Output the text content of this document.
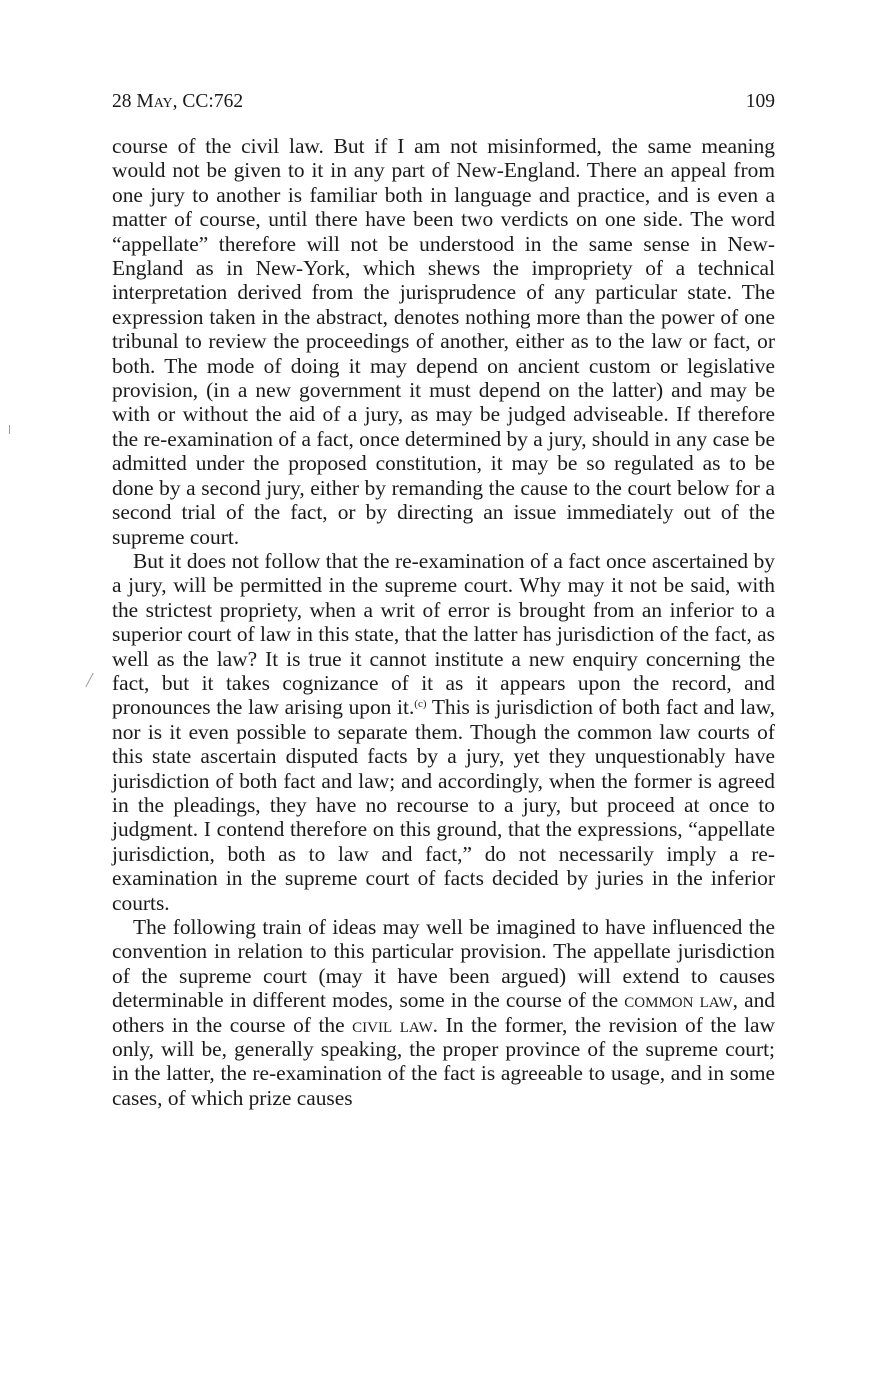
28 May, CC:762	109

course of the civil law. But if I am not misinformed, the same meaning would not be given to it in any part of New-England. There an appeal from one jury to another is familiar both in language and practice, and is even a matter of course, until there have been two verdicts on one side. The word “appellate” therefore will not be understood in the same sense in New-England as in New-York, which shews the impropriety of a technical interpretation derived from the jurisprudence of any particular state. The expression taken in the abstract, denotes nothing more than the power of one tribunal to review the proceedings of another, either as to the law or fact, or both. The mode of doing it may depend on ancient custom or legislative provision, (in a new government it must depend on the latter) and may be with or without the aid of a jury, as may be judged adviseable. If therefore the re-examination of a fact, once determined by a jury, should in any case be admitted under the proposed constitution, it may be so regulated as to be done by a second jury, either by remanding the cause to the court below for a second trial of the fact, or by directing an issue immediately out of the supreme court.

But it does not follow that the re-examination of a fact once ascertained by a jury, will be permitted in the supreme court. Why may it not be said, with the strictest propriety, when a writ of error is brought from an inferior to a superior court of law in this state, that the latter has jurisdiction of the fact, as well as the law? It is true it cannot institute a new enquiry concerning the fact, but it takes cognizance of it as it appears upon the record, and pronounces the law arising upon it.$^{(c)}$ This is jurisdiction of both fact and law, nor is it even possible to separate them. Though the common law courts of this state ascertain disputed facts by a jury, yet they unquestionably have jurisdiction of both fact and law; and accordingly, when the former is agreed in the pleadings, they have no recourse to a jury, but proceed at once to judgment. I contend therefore on this ground, that the expressions, “appellate jurisdiction, both as to law and fact,” do not necessarily imply a re-examination in the supreme court of facts decided by juries in the inferior courts.

The following train of ideas may well be imagined to have influenced the convention in relation to this particular provision. The appellate jurisdiction of the supreme court (may it have been argued) will extend to causes determinable in different modes, some in the course of the common law, and others in the course of the civil law. In the former, the revision of the law only, will be, generally speaking, the proper province of the supreme court; in the latter, the re-examination of the fact is agreeable to usage, and in some cases, of which prize causes
